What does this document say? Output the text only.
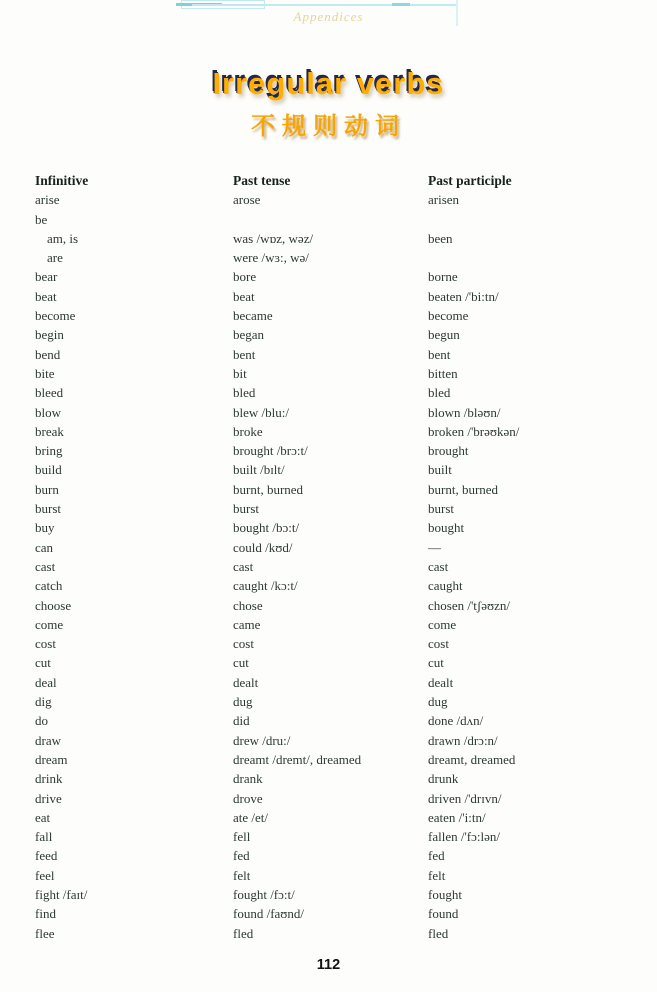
Appendices
Irregular verbs
不规则动词
Infinitive	Past tense	Past participle
arise	arose	arisen
be
am, is	was /wɒz, wəz/	been
are	were /wɜ:, wə/
bear	bore	borne
beat	beat	beaten /'bi:tn/
become	became	become
begin	began	begun
bend	bent	bent
bite	bit	bitten
bleed	bled	bled
blow	blew /blu:/	blown /bləʊn/
break	broke	broken /'brəʊkən/
bring	brought /brɔ:t/	brought
build	built /bɪlt/	built
burn	burnt, burned	burnt, burned
burst	burst	burst
buy	bought /bɔ:t/	bought
can	could /kʊd/	—
cast	cast	cast
catch	caught /kɔ:t/	caught
choose	chose	chosen /'tʃəʊzn/
come	came	come
cost	cost	cost
cut	cut	cut
deal	dealt	dealt
dig	dug	dug
do	did	done /dʌn/
draw	drew /dru:/	drawn /drɔ:n/
dream	dreamt /dremt/, dreamed	dreamt, dreamed
drink	drank	drunk
drive	drove	driven /'drɪvn/
eat	ate /et/	eaten /'i:tn/
fall	fell	fallen /'fɔ:lən/
feed	fed	fed
feel	felt	felt
fight /faɪt/	fought /fɔ:t/	fought
find	found /faʊnd/	found
flee	fled	fled
112
